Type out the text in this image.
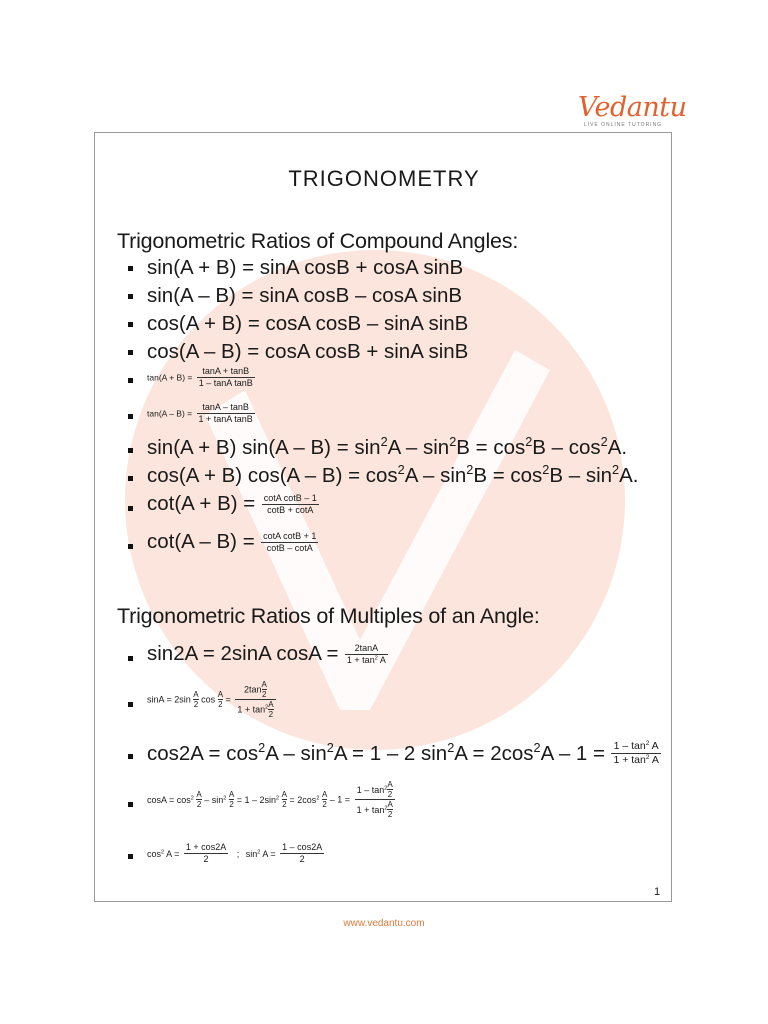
Vedantu
LIVE ONLINE TUTORING
TRIGONOMETRY
Trigonometric Ratios of Compound Angles:
sin(A + B) = sinA cosB + cosA sinB
sin(A – B) = sinA cosB – cosA sinB
cos(A + B) = cosA cosB – sinA sinB
cos(A – B) = cosA cosB + sinA sinB
$\tan(A + B) = \frac{\tan A + \tan B}{\text{1 – tanA tanB}}$
$\tan(A - B) = \frac{\tan A - \tan B}{\text{1 + tanA tanB}}$
sin(A + B) $\sin(A - B) = \sin^2A - \sin^2B = \cos^2B - \cos^2A$.
cos(A + B) $\cos(A - B) = \cos^2A - \sin^2B = \cos^2B - \sin^2A$.
$\cot(A + B) = \frac{\text{cotA cotB – 1}}{\cot B + \cot A}$
$\cot(A - B) = \frac{\text{cotA cotB + 1}}{\cot B - \cot A}$
Trigonometric Ratios of Multiples of an Angle:
sin2A = 2sinA $\cos A = \frac{2\tan A}{1 + \tan^2 A}$
$\sin A = 2\sin \frac{A}{2}$ $\cos \frac{A}{2} = \frac{2\tan \frac{A}{2}}{1 + \tan^2 \frac{A}{2}}$
$\cos 2A = \cos^2A - \sin^2A = 1 - 2$ $\sin^2A = 2\cos^2A - 1 = \frac{1 - \tan^2 A}{1 + \tan^2 A}$
$\cos A = \cos^2 \frac{A}{2} - \sin^2 \frac{A}{2} = 1 - 2\sin^2 \frac{A}{2} = 2\cos^2 \frac{A}{2} - 1 = \frac{1 - \tan^2 \frac{A}{2}}{1 + \tan^2 \frac{A}{2}}$
$\cos^2 A = \frac{1 + \cos 2A}{2}$ ; $\sin^2 A = \frac{1 - \cos 2A}{2}$
1
www.vedantu.com
